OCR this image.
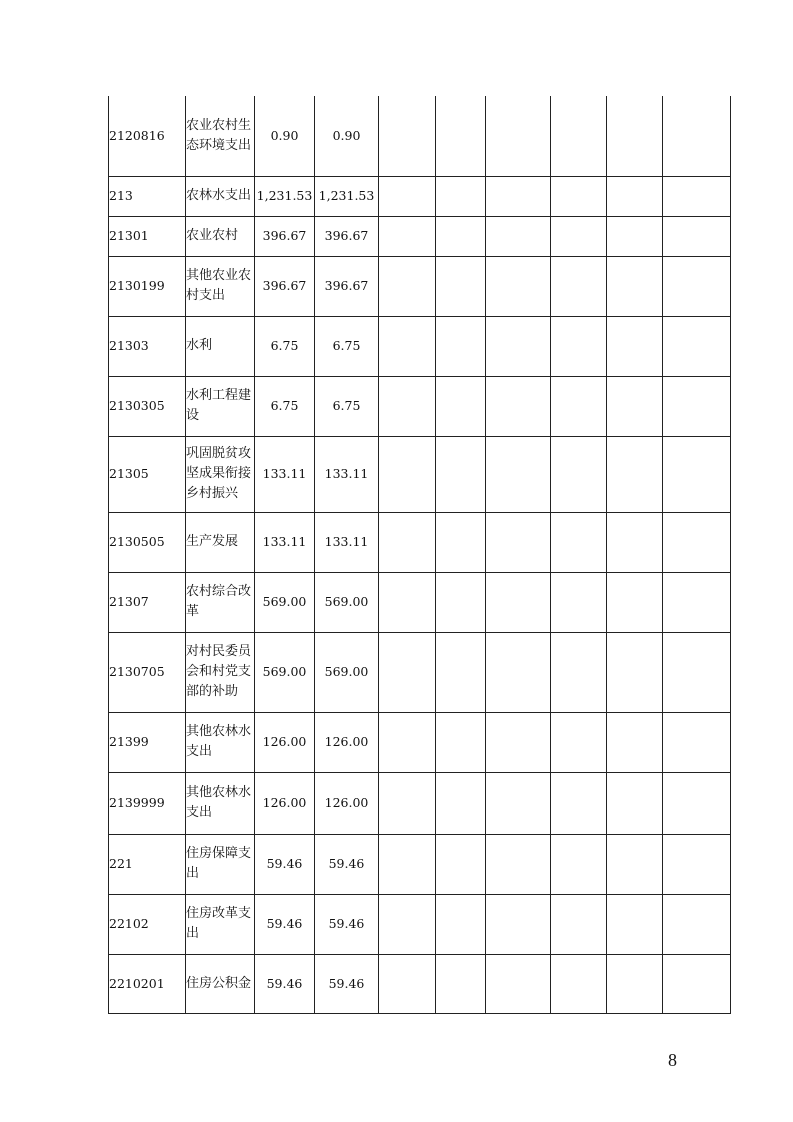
2120816	农业农村生态环境支出	0.90	0.90						
213	农林水支出	1,231.53	1,231.53						
21301	农业农村	396.67	396.67						
2130199	其他农业农村支出	396.67	396.67						
21303	水利	6.75	6.75						
2130305	水利工程建设	6.75	6.75						
21305	巩固脱贫攻坚成果衔接乡村振兴	133.11	133.11						
2130505	生产发展	133.11	133.11						
21307	农村综合改革	569.00	569.00						
2130705	对村民委员会和村党支部的补助	569.00	569.00						
21399	其他农林水支出	126.00	126.00						
2139999	其他农林水支出	126.00	126.00						
221	住房保障支出	59.46	59.46						
22102	住房改革支出	59.46	59.46						
2210201	住房公积金	59.46	59.46						
8
